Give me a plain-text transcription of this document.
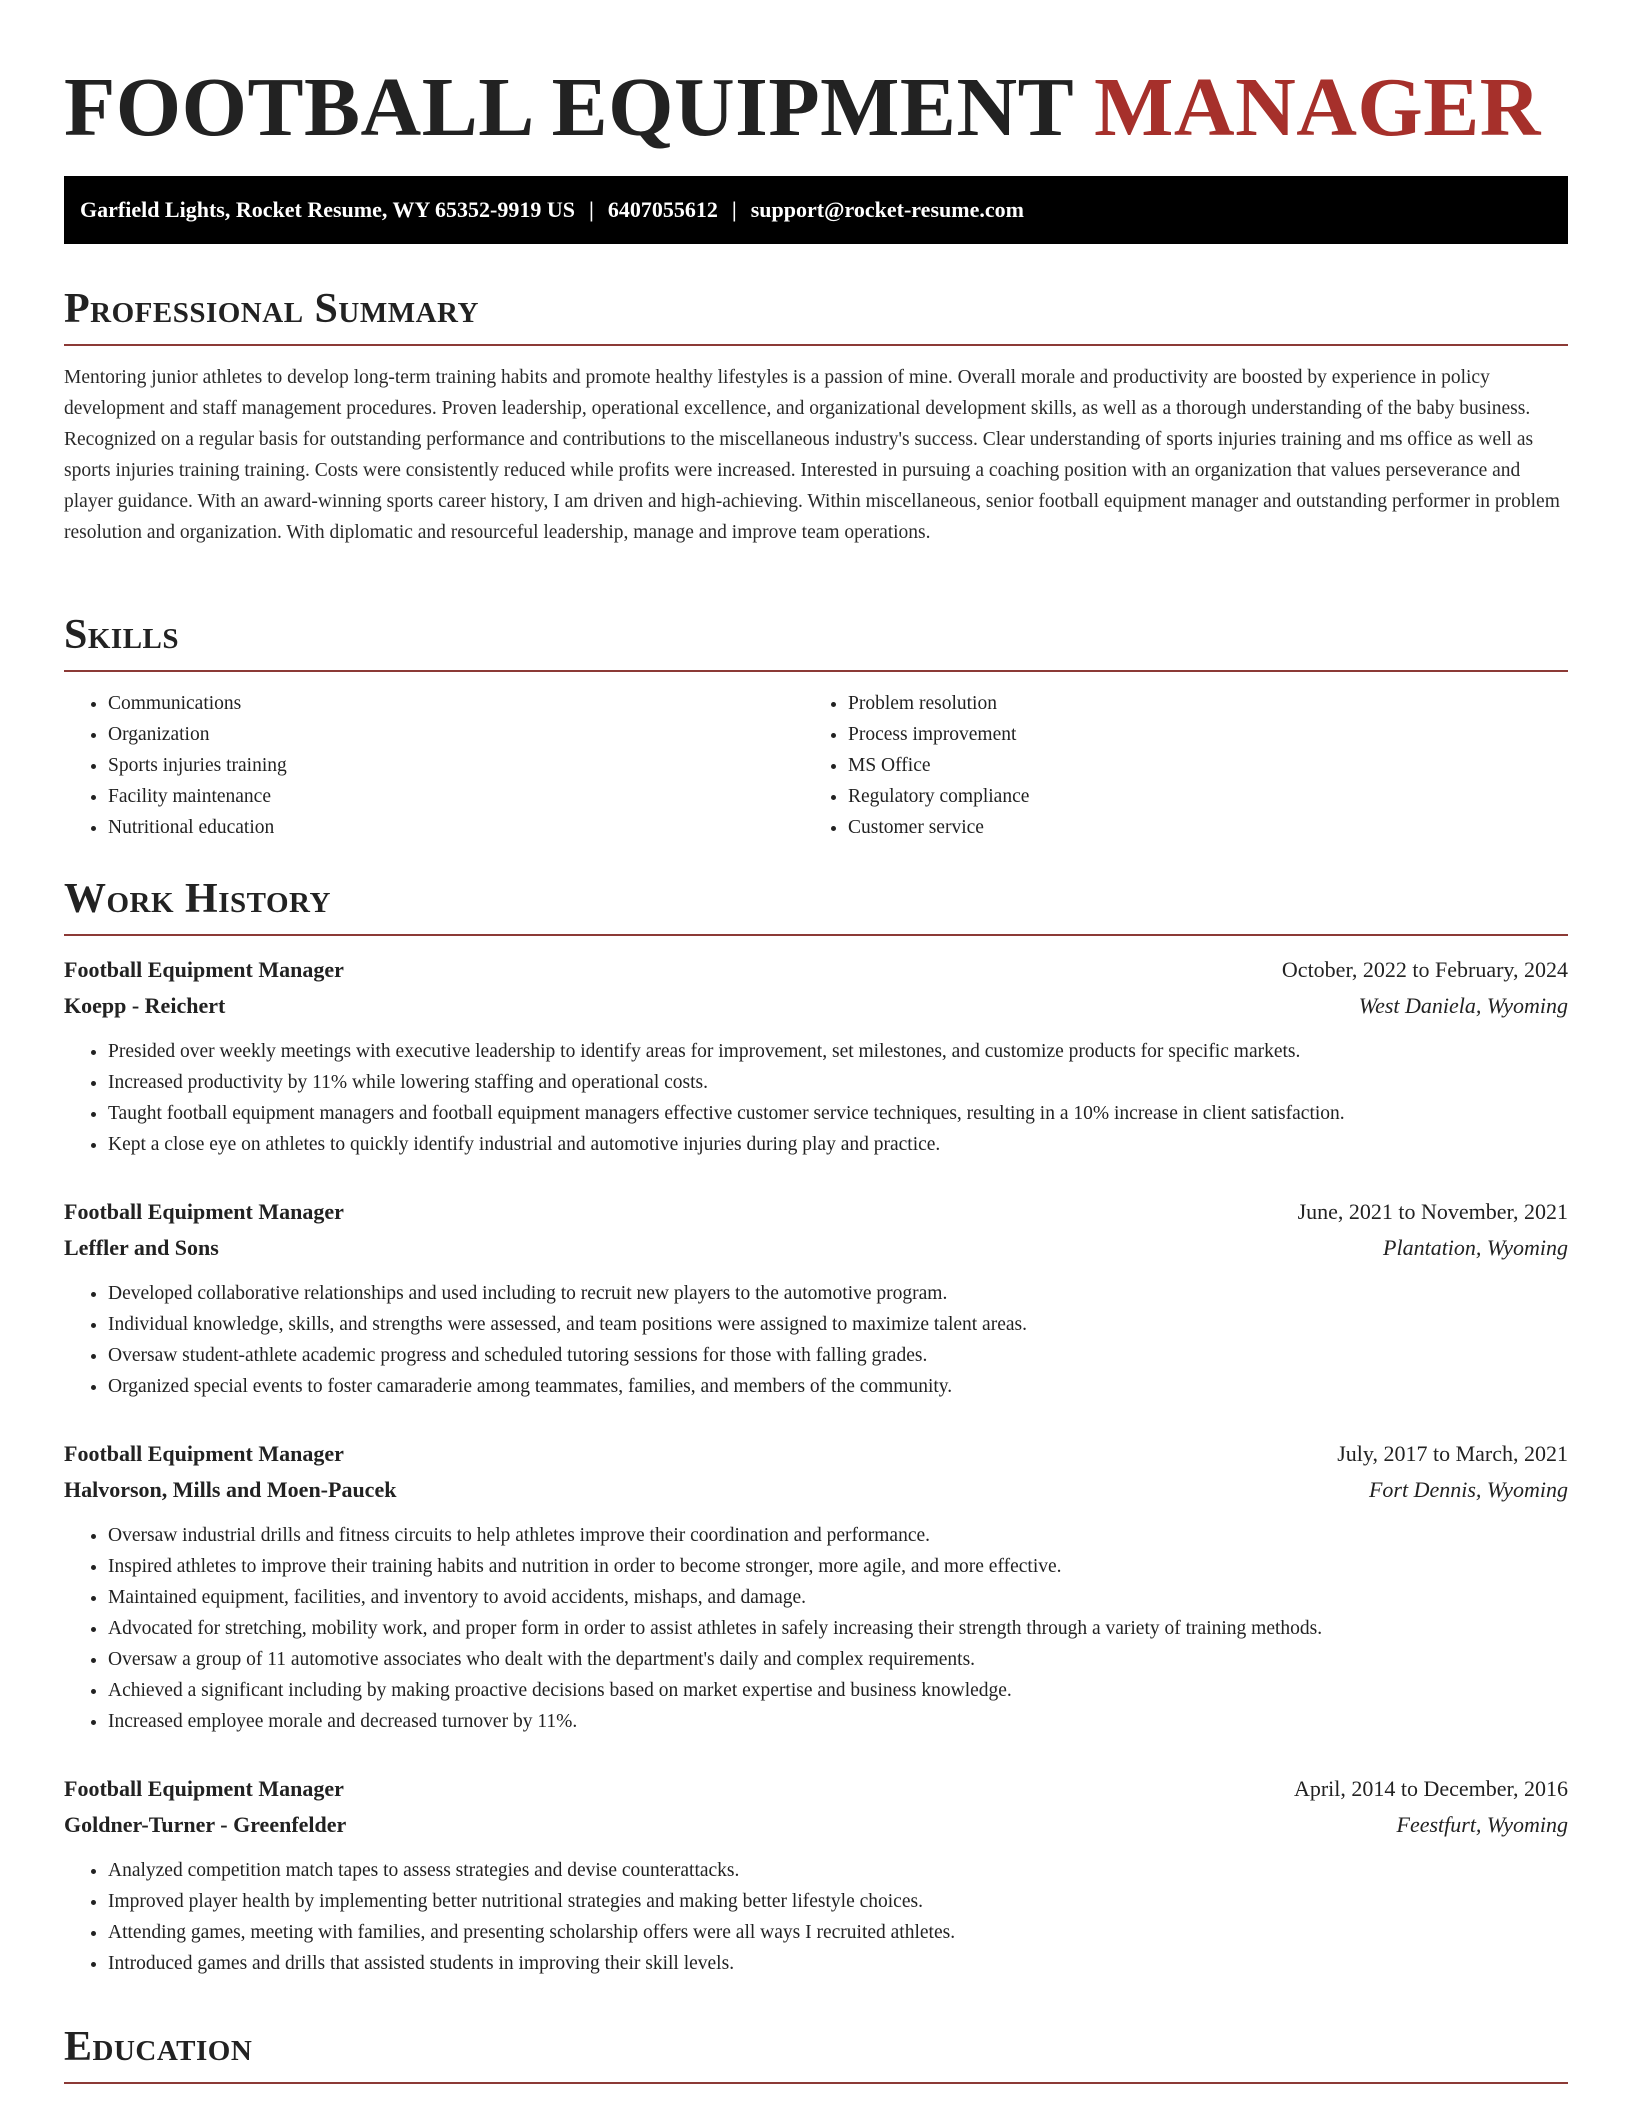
FOOTBALL EQUIPMENT MANAGER
Garfield Lights, Rocket Resume, WY 65352-9919 US | 6407055612 | support@rocket-resume.com
Professional Summary

Mentoring junior athletes to develop long-term training habits and promote healthy lifestyles is a passion of mine. Overall morale and productivity are boosted by experience in policy development and staff management procedures. Proven leadership, operational excellence, and organizational development skills, as well as a thorough understanding of the baby business. Recognized on a regular basis for outstanding performance and contributions to the miscellaneous industry's success. Clear understanding of sports injuries training and ms office as well as sports injuries training training. Costs were consistently reduced while profits were increased. Interested in pursuing a coaching position with an organization that values perseverance and player guidance. With an award-winning sports career history, I am driven and high-achieving. Within miscellaneous, senior football equipment manager and outstanding performer in problem resolution and organization. With diplomatic and resourceful leadership, manage and improve team operations.

Skills
• Communications
• Organization
• Sports injuries training
• Facility maintenance
• Nutritional education
• Problem resolution
• Process improvement
• MS Office
• Regulatory compliance
• Customer service
Work History
Football Equipment Manager	October, 2022 to February, 2024
Koepp - Reichert	West Daniela, Wyoming
• Presided over weekly meetings with executive leadership to identify areas for improvement, set milestones, and customize products for specific markets.
• Increased productivity by 11% while lowering staffing and operational costs.
• Taught football equipment managers and football equipment managers effective customer service techniques, resulting in a 10% increase in client satisfaction.
• Kept a close eye on athletes to quickly identify industrial and automotive injuries during play and practice.
Football Equipment Manager	June, 2021 to November, 2021
Leffler and Sons	Plantation, Wyoming
• Developed collaborative relationships and used including to recruit new players to the automotive program.
• Individual knowledge, skills, and strengths were assessed, and team positions were assigned to maximize talent areas.
• Oversaw student-athlete academic progress and scheduled tutoring sessions for those with falling grades.
• Organized special events to foster camaraderie among teammates, families, and members of the community.
Football Equipment Manager	July, 2017 to March, 2021
Halvorson, Mills and Moen-Paucek	Fort Dennis, Wyoming
• Oversaw industrial drills and fitness circuits to help athletes improve their coordination and performance.
• Inspired athletes to improve their training habits and nutrition in order to become stronger, more agile, and more effective.
• Maintained equipment, facilities, and inventory to avoid accidents, mishaps, and damage.
• Advocated for stretching, mobility work, and proper form in order to assist athletes in safely increasing their strength through a variety of training methods.
• Oversaw a group of 11 automotive associates who dealt with the department's daily and complex requirements.
• Achieved a significant including by making proactive decisions based on market expertise and business knowledge.
• Increased employee morale and decreased turnover by 11%.
Football Equipment Manager	April, 2014 to December, 2016
Goldner-Turner - Greenfelder	Feestfurt, Wyoming
• Analyzed competition match tapes to assess strategies and devise counterattacks.
• Improved player health by implementing better nutritional strategies and making better lifestyle choices.
• Attending games, meeting with families, and presenting scholarship offers were all ways I recruited athletes.
• Introduced games and drills that assisted students in improving their skill levels.
Education
